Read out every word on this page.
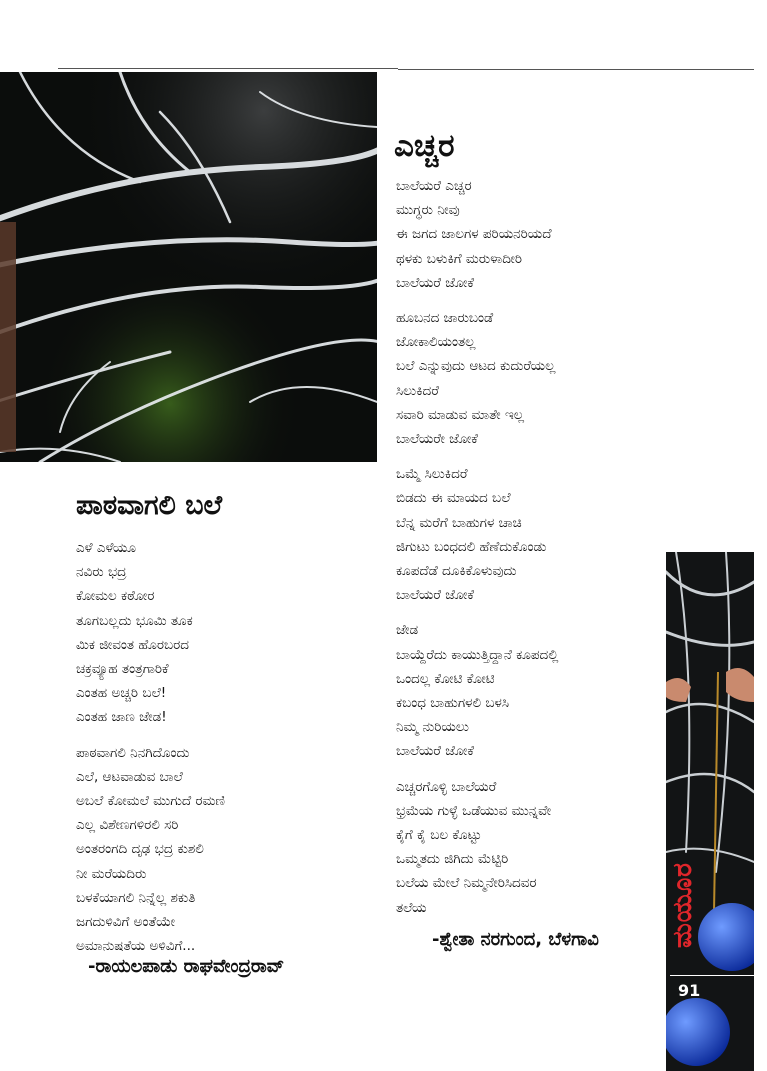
ಎಚ್ಚರ
ಬಾಲೆಯರೆ ಎಚ್ಚರ
ಮುಗ್ಧರು ನೀವು
ಈ ಜಗದ ಜಾಲಗಳ ಪರಿಯನರಿಯದೆ
ಥಳಕು ಬಳುಕಿಗೆ ಮರುಳಾದೀರಿ
ಬಾಲೆಯರೆ ಜೋಕೆ
ಹೂಬನದ ಜಾರುಬಂಡೆ
ಜೋಕಾಲಿಯಂತಲ್ಲ
ಬಲೆ ಎನ್ನುವುದು ಆಟದ ಕುದುರೆಯಲ್ಲ
ಸಿಲುಕಿದರೆ
ಸವಾರಿ ಮಾಡುವ ಮಾತೇ ಇಲ್ಲ
ಬಾಲೆಯರೇ ಜೋಕೆ
ಒಮ್ಮೆ ಸಿಲುಕಿದರೆ
ಬಿಡದು ಈ ಮಾಯದ ಬಲೆ
ಬೆನ್ನ ಮರೆಗೆ ಬಾಹುಗಳ ಚಾಚಿ
ಜಿಗುಟು ಬಂಧದಲಿ ಹೆಣೆದುಕೊಂಡು
ಕೂಪದೆಡೆ ದೂಕಿಕೊಳುವುದು
ಬಾಲೆಯರೆ ಜೋಕೆ
ಜೇಡ
ಬಾಯ್ದೆರೆದು ಕಾಯುತ್ತಿದ್ದಾನೆ ಕೂಪದಲ್ಲಿ
ಒಂದಲ್ಲ ಕೋಟಿ ಕೋಟಿ
ಕಬಂಧ ಬಾಹುಗಳಲಿ ಬಳಸಿ
ನಿಮ್ಮ ನುರಿಯಲು
ಬಾಲೆಯರೆ ಜೋಕೆ
ಎಚ್ಚರಗೊಳ್ಳಿ ಬಾಲೆಯರೆ
ಭ್ರಮೆಯ ಗುಳ್ಳೆ ಒಡೆಯುವ ಮುನ್ನವೇ
ಕೈಗೆ ಕೈ ಬಲ ಕೊಟ್ಟು
ಒಮ್ಮತದು ಜಿಗಿದು ಮೆಟ್ಟಿರಿ
ಬಲೆಯ ಮೇಲೆ ನಿಮ್ಮನೇರಿಸಿದವರ
ತಲೆಯ
-ಶ್ವೇತಾ ನರಗುಂದ, ಬೆಳಗಾವಿ
ಪಾಠವಾಗಲಿ ಬಲೆ
ಎಳೆ ಎಳೆಯೂ
ನವಿರು ಭದ್ರ
ಕೋಮಲ ಕಠೋರ
ತೂಗಬಲ್ಲದು ಭೂಮಿ ತೂಕ
ಮಿಕ ಜೀವಂತ ಹೊರಬರದ
ಚಕ್ರವ್ಯೂಹ ತಂತ್ರಗಾರಿಕೆ
ಎಂತಹ ಅಚ್ಚರಿ ಬಲೆ!
ಎಂತಹ ಜಾಣ ಜೇಡ!
ಪಾಠವಾಗಲಿ ನಿನಗಿದೊಂದು
ಎಲೆ, ಆಟವಾಡುವ ಬಾಲೆ
ಅಬಲೆ ಕೋಮಲೆ ಮುಗುದೆ ರಮಣಿ
ಎಲ್ಲ ವಿಶೇಣಗಳಿರಲಿ ಸರಿ
ಅಂತರಂಗದಿ ದೃಢ ಭದ್ರ ಕುಶಲಿ
ನೀ ಮರೆಯದಿರು
ಬಳಕೆಯಾಗಲಿ ನಿನ್ನೆಲ್ಲ ಶಕುತಿ
ಜಗದುಳಿವಿಗೆ ಅಂತೆಯೇ
ಅಮಾನುಷತೆಯ ಅಳಿವಿಗೆ...
-ರಾಯಲಪಾಡು ರಾಘವೇಂದ್ರರಾವ್
ಮಯೂರ
91
